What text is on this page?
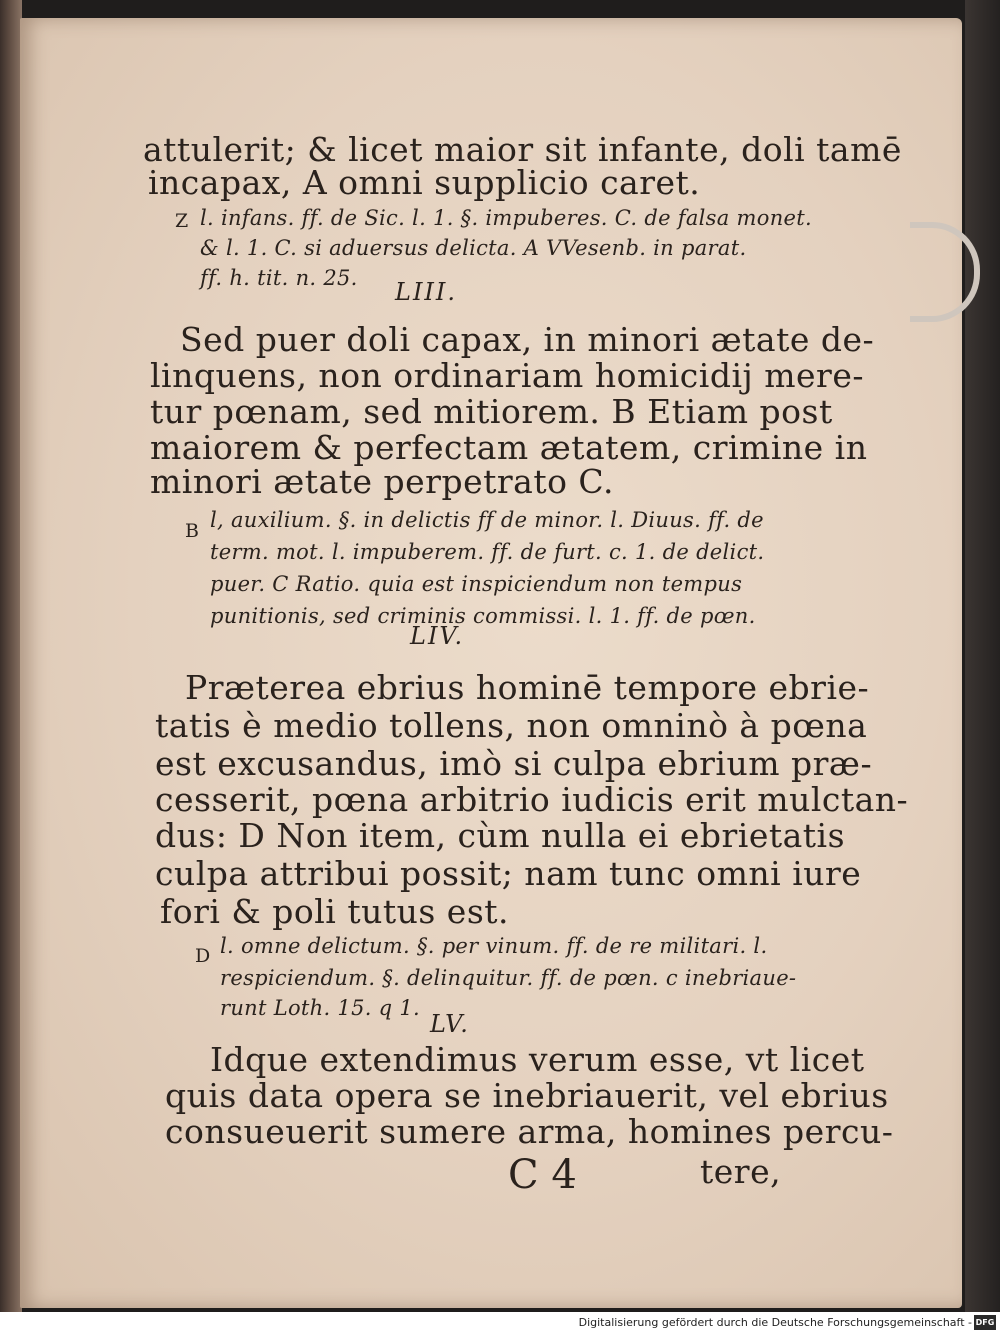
attulerit; & licet maior sit infante, doli tamē
incapax, A omni supplicio caret.
Z l. infans. ff. de Sic. l. 1. §. impuberes. C. de falsa monet.
& l. 1. C. si aduersus delicta. A VVesenb. in parat.
ff. h. tit. n. 25. LIII.
Sed puer doli capax, in minori ætate de-
linquens, non ordinariam homicidij mere-
tur pœnam, sed mitiorem. B Etiam post
maiorem & perfectam ætatem, crimine in
minori ætate perpetrato C.
B l, auxilium. §. in delictis ff de minor. l. Diuus. ff. de
term. mot. l. impuberem. ff. de furt. c. 1. de delict.
puer. C Ratio. quia est inspiciendum non tempus
punitionis, sed criminis commissi. l. 1. ff. de pœn.
LIV.
Præterea ebrius hominē tempore ebrie-
tatis è medio tollens, non omninò à pœna
est excusandus, imò si culpa ebrium præ-
cesserit, pœna arbitrio iudicis erit mulctan-
dus: D Non item, cùm nulla ei ebrietatis
culpa attribui possit; nam tunc omni iure
fori & poli tutus est.
D l. omne delictum. §. per vinum. ff. de re militari. l.
respiciendum. §. delinquitur. ff. de pœn. c inebriaue-
runt Loth. 15. q 1.
LV.
Idque extendimus verum esse, vt licet
quis data opera se inebriauerit, vel ebrius
consueuerit sumere arma, homines percu-
C 4	tere,
Digitalisierung gefördert durch die Deutsche Forschungsgemeinschaft - DFG
